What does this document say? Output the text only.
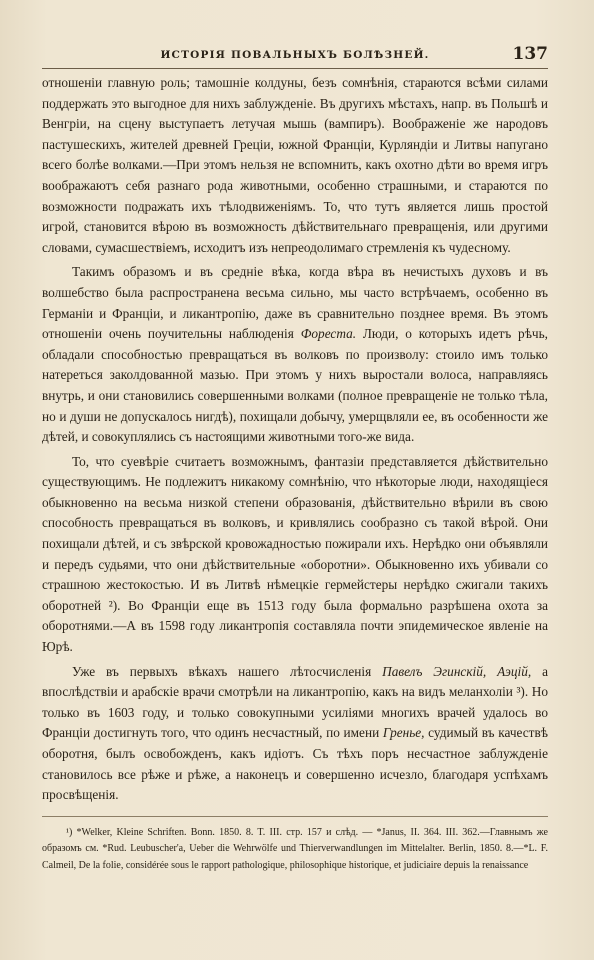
ИСТОРІЯ ПОВАЛЬНЫХЪ БОЛѢЗНЕЙ.	137

отношеніи главную роль; тамошніе колдуны, безъ сомнѣнія, стараются всѣми силами поддержать это выгодное для нихъ заблужденіе. Въ другихъ мѣстахъ, напр. въ Польшѣ и Венгріи, на сцену выступаетъ летучая мышь (вампиръ). Воображеніе же народовъ пастушескихъ, жителей древней Греціи, южной Франціи, Курляндіи и Литвы напугано всего болѣе волками.—При этомъ нельзя не вспомнить, какъ охотно дѣти во время игръ воображаютъ себя разнаго рода животными, особенно страшными, и стараются по возможности подражать ихъ тѣлодвиженіямъ. То, что тутъ является лишь простой игрой, становится вѣрою въ возможность дѣйствительнаго превращенія, или другими словами, сумасшествіемъ, исходитъ изъ непреодолимаго стремленія къ чудесному.

Такимъ образомъ и въ средніе вѣка, когда вѣра въ нечистыхъ духовъ и въ волшебство была распространена весьма сильно, мы часто встрѣчаемъ, особенно въ Германіи и Франціи, и ликантропію, даже въ сравнительно позднее время. Въ этомъ отношеніи очень поучительны наблюденія Фореста. Люди, о которыхъ идетъ рѣчь, обладали способностью превращаться въ волковъ по произволу: стоило имъ только натереться заколдованной мазью. При этомъ у нихъ выростали волоса, направляясь внутрь, и они становились совершенными волками (полное превращеніе не только тѣла, но и души не допускалось нигдѣ), похищали добычу, умерщвляли ее, въ особенности же дѣтей, и совокуплялись съ настоящими животными того-же вида.

То, что суевѣріе считаетъ возможнымъ, фантазіи представляется дѣйствительно существующимъ. Не подлежитъ никакому сомнѣнію, что нѣкоторые люди, находящіеся обыкновенно на весьма низкой степени образованія, дѣйствительно вѣрили въ свою способность превращаться въ волковъ, и кривлялись сообразно съ такой вѣрой. Они похищали дѣтей, и съ звѣрской кровожадностью пожирали ихъ. Нерѣдко они объявляли и передъ судьями, что они дѣйствительные «оборотни». Обыкновенно ихъ убивали со страшною жестокостью. И въ Литвѣ нѣмецкіе гермейстеры нерѣдко сжигали такихъ оборотней ²). Во Франціи еще въ 1513 году была формально разрѣшена охота за оборотнями.—А въ 1598 году ликантропія составляла почти эпидемическое явленіе на Юрѣ.

Уже въ первыхъ вѣкахъ нашего лѣтосчисленія Павелъ Эгинскій, Аэцій, а впослѣдствіи и арабскіе врачи смотрѣли на ликантропію, какъ на видъ меланхоліи ³). Но только въ 1603 году, и только совокупными усиліями многихъ врачей удалось во Франціи достигнуть того, что одинъ несчастный, по имени Гренье, судимый въ качествѣ оборотня, былъ освобожденъ, какъ идіотъ. Съ тѣхъ поръ несчастное заблужденіе становилось все рѣже и рѣже, а наконецъ и совершенно исчезло, благодаря успѣхамъ просвѣщенія.

¹) *Welker, Kleine Schriften. Bonn. 1850. 8. T. III. стр. 157 и слѣд. — *Janus, II. 364. III. 362.—Главнымъ же образомъ см. *Rud. Leubuscher'a, Ueber die Wehrwölfe und Thierverwandlungen im Mittelalter. Berlin, 1850. 8.—*L. F. Calmeil, De la folie, considérée sous le rapport pathologique, philosophique historique, et judiciaire depuis la renaissance
